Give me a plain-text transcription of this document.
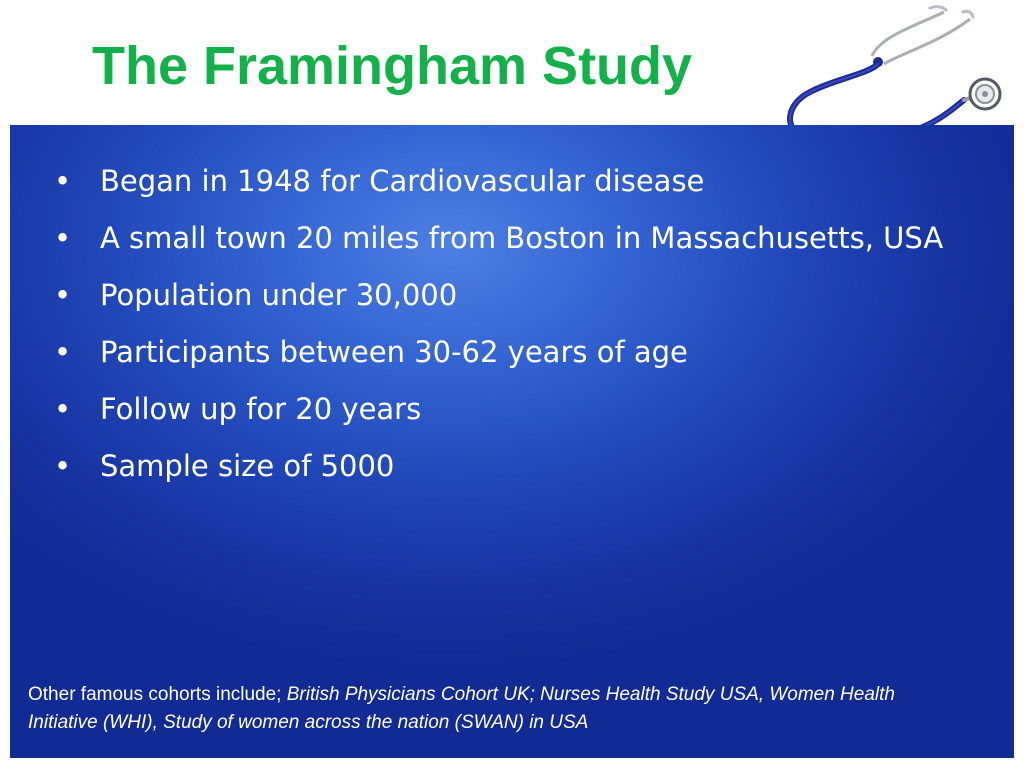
The Framingham Study
• Began in 1948 for Cardiovascular disease
• A small town 20 miles from Boston in Massachusetts, USA
• Population under 30,000
• Participants between 30-62 years of age
• Follow up for 20 years
• Sample size of 5000

Other famous cohorts include; British Physicians Cohort UK; Nurses Health Study USA, Women Health Initiative (WHI), Study of women across the nation (SWAN) in USA
